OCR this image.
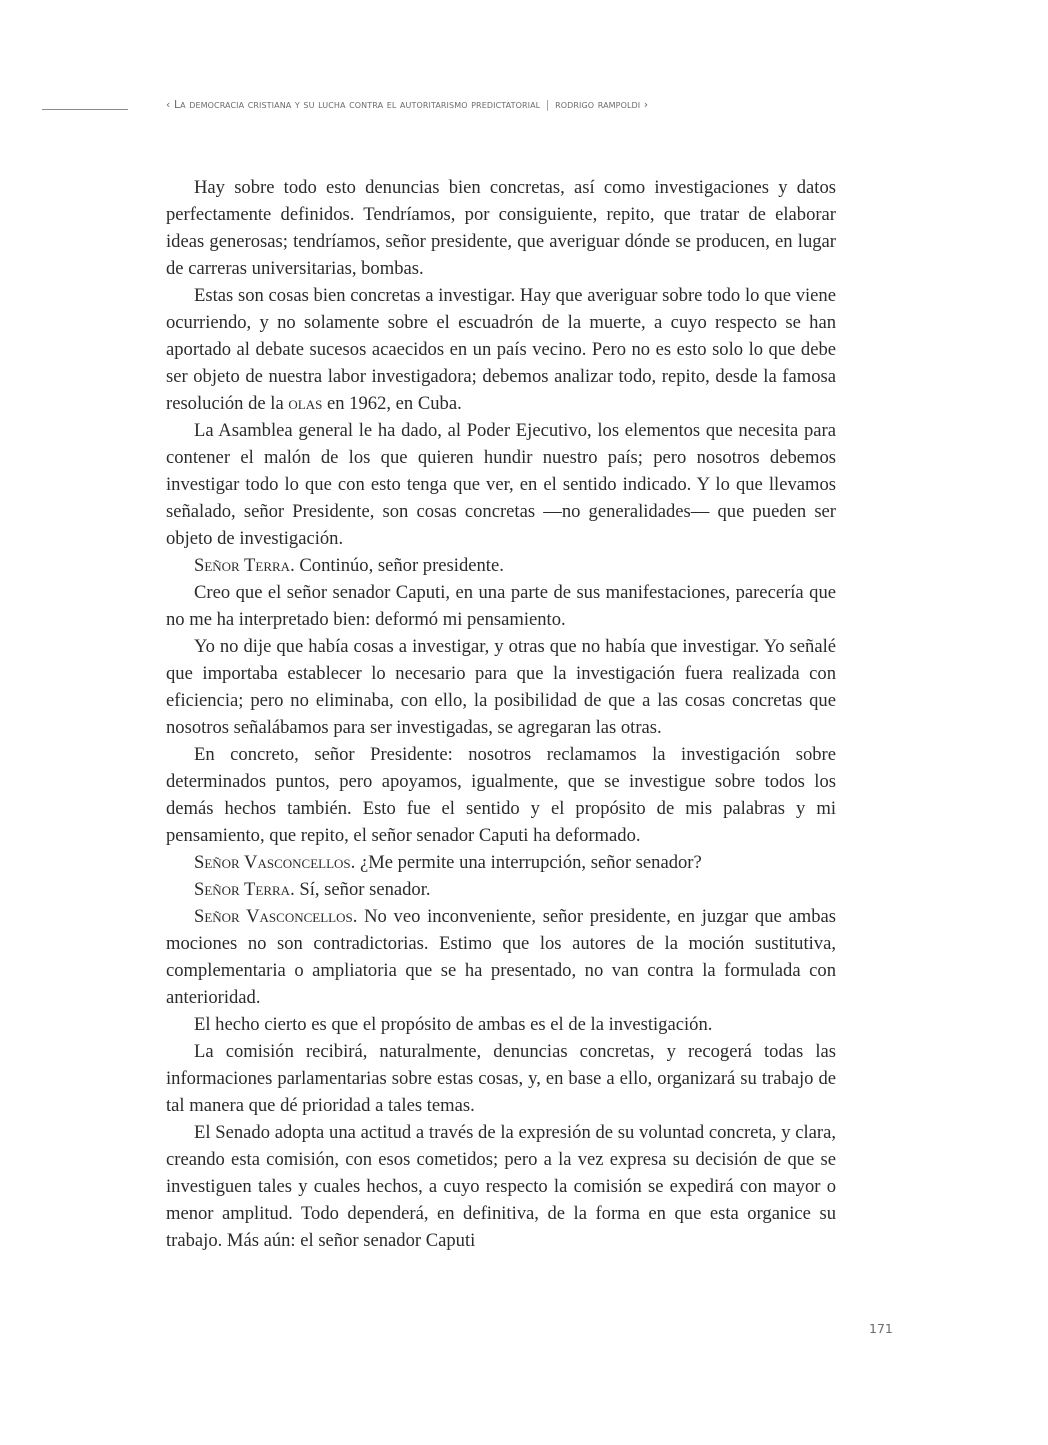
‹ La democracia cristiana y su lucha contra el autoritarismo predictatorial | rodrigo rampoldi ›

Hay sobre todo esto denuncias bien concretas, así como investigaciones y datos perfectamente definidos. Tendríamos, por consiguiente, repito, que tratar de elaborar ideas generosas; tendríamos, señor presidente, que averiguar dónde se producen, en lugar de carreras universitarias, bombas.

Estas son cosas bien concretas a investigar. Hay que averiguar sobre todo lo que viene ocurriendo, y no solamente sobre el escuadrón de la muerte, a cuyo respecto se han aportado al debate sucesos acaecidos en un país vecino. Pero no es esto solo lo que debe ser objeto de nuestra labor investigadora; debemos analizar todo, repito, desde la famosa resolución de la olas en 1962, en Cuba.

La Asamblea general le ha dado, al Poder Ejecutivo, los elementos que necesita para contener el malón de los que quieren hundir nuestro país; pero nosotros debemos investigar todo lo que con esto tenga que ver, en el sentido indicado. Y lo que llevamos señalado, señor Presidente, son cosas concretas —no generalidades— que pueden ser objeto de investigación.

Señor Terra. Continúo, señor presidente.

Creo que el señor senador Caputi, en una parte de sus manifestaciones, parecería que no me ha interpretado bien: deformó mi pensamiento.

Yo no dije que había cosas a investigar, y otras que no había que investigar. Yo señalé que importaba establecer lo necesario para que la investigación fuera realizada con eficiencia; pero no eliminaba, con ello, la posibilidad de que a las cosas concretas que nosotros señalábamos para ser investigadas, se agregaran las otras.

En concreto, señor Presidente: nosotros reclamamos la investigación sobre determinados puntos, pero apoyamos, igualmente, que se investigue sobre todos los demás hechos también. Esto fue el sentido y el propósito de mis palabras y mi pensamiento, que repito, el señor senador Caputi ha deformado.

Señor Vasconcellos. ¿Me permite una interrupción, señor senador?

Señor Terra. Sí, señor senador.

Señor Vasconcellos. No veo inconveniente, señor presidente, en juzgar que ambas mociones no son contradictorias. Estimo que los autores de la moción sustitutiva, complementaria o ampliatoria que se ha presentado, no van contra la formulada con anterioridad.

El hecho cierto es que el propósito de ambas es el de la investigación.

La comisión recibirá, naturalmente, denuncias concretas, y recogerá todas las informaciones parlamentarias sobre estas cosas, y, en base a ello, organizará su trabajo de tal manera que dé prioridad a tales temas.

El Senado adopta una actitud a través de la expresión de su voluntad concreta, y clara, creando esta comisión, con esos cometidos; pero a la vez expresa su decisión de que se investiguen tales y cuales hechos, a cuyo respecto la comisión se expedirá con mayor o menor amplitud. Todo dependerá, en definitiva, de la forma en que esta organice su trabajo. Más aún: el señor senador Caputi

171
